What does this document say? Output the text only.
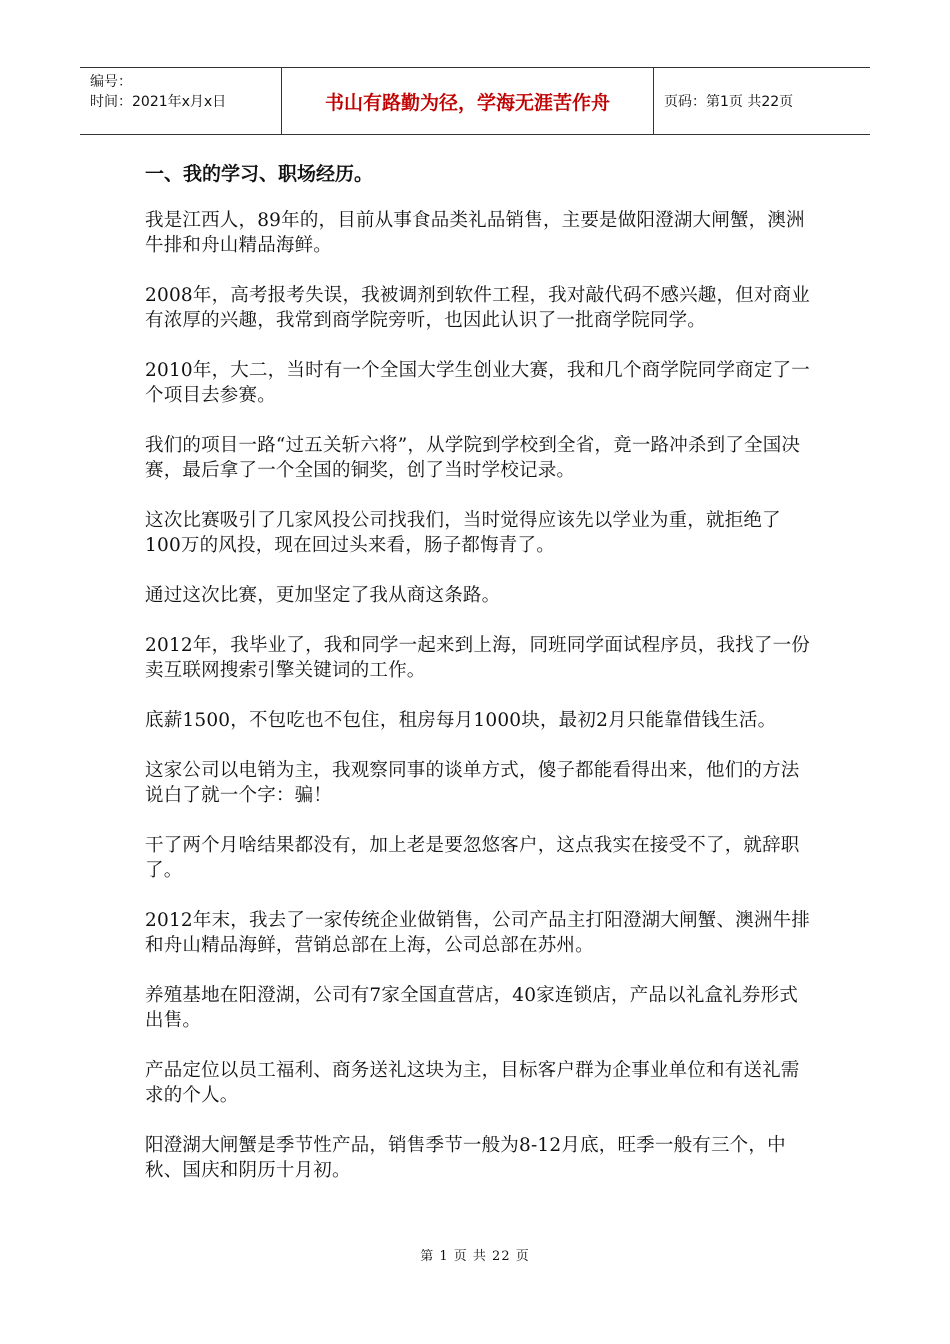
编号：
时间：2021年x月x日	书山有路勤为径，学海无涯苦作舟	页码：第1页 共22页
一、我的学习、职场经历。

我是江西人，89年的，目前从事食品类礼品销售，主要是做阳澄湖大闸蟹，澳洲牛排和舟山精品海鲜。

2008年，高考报考失误，我被调剂到软件工程，我对敲代码不感兴趣，但对商业有浓厚的兴趣，我常到商学院旁听，也因此认识了一批商学院同学。

2010年，大二，当时有一个全国大学生创业大赛，我和几个商学院同学商定了一个项目去参赛。

我们的项目一路“过五关斩六将”，从学院到学校到全省，竟一路冲杀到了全国决赛，最后拿了一个全国的铜奖，创了当时学校记录。

这次比赛吸引了几家风投公司找我们，当时觉得应该先以学业为重，就拒绝了100万的风投，现在回过头来看，肠子都悔青了。

通过这次比赛，更加坚定了我从商这条路。

2012年，我毕业了，我和同学一起来到上海，同班同学面试程序员，我找了一份卖互联网搜索引擎关键词的工作。

底薪1500，不包吃也不包住，租房每月1000块，最初2月只能靠借钱生活。

这家公司以电销为主，我观察同事的谈单方式，傻子都能看得出来，他们的方法说白了就一个字：骗！

干了两个月啥结果都没有，加上老是要忽悠客户，这点我实在接受不了，就辞职了。

2012年末，我去了一家传统企业做销售，公司产品主打阳澄湖大闸蟹、澳洲牛排和舟山精品海鲜，营销总部在上海，公司总部在苏州。

养殖基地在阳澄湖，公司有7家全国直营店，40家连锁店，产品以礼盒礼券形式出售。

产品定位以员工福利、商务送礼这块为主，目标客户群为企事业单位和有送礼需求的个人。

阳澄湖大闸蟹是季节性产品，销售季节一般为8-12月底，旺季一般有三个，中秋、国庆和阴历十月初。

第 1 页 共 22 页
